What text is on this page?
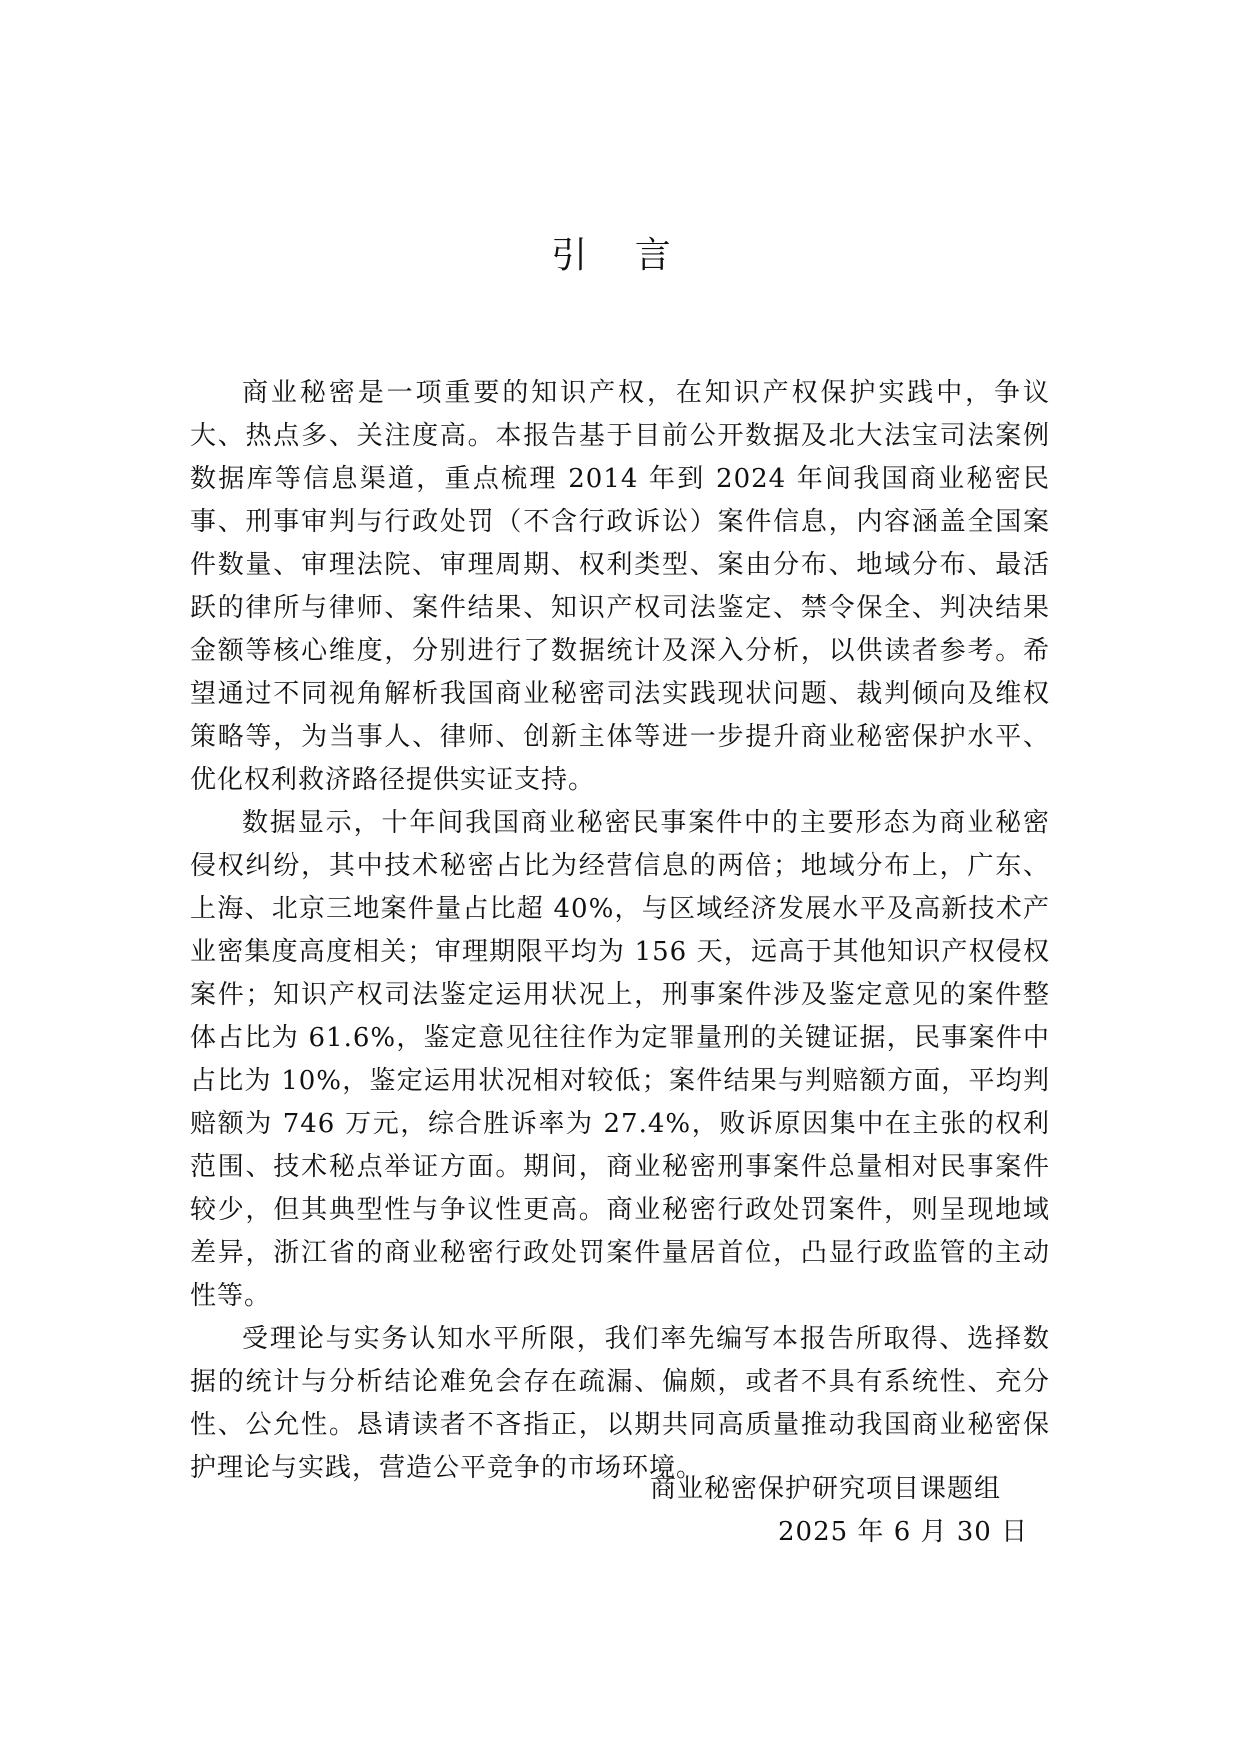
引 言

商业秘密是一项重要的知识产权，在知识产权保护实践中，争议大、热点多、关注度高。本报告基于目前公开数据及北大法宝司法案例数据库等信息渠道，重点梳理 2014 年到 2024 年间我国商业秘密民事、刑事审判与行政处罚（不含行政诉讼）案件信息，内容涵盖全国案件数量、审理法院、审理周期、权利类型、案由分布、地域分布、最活跃的律所与律师、案件结果、知识产权司法鉴定、禁令保全、判决结果金额等核心维度，分别进行了数据统计及深入分析，以供读者参考。希望通过不同视角解析我国商业秘密司法实践现状问题、裁判倾向及维权策略等，为当事人、律师、创新主体等进一步提升商业秘密保护水平、优化权利救济路径提供实证支持。

数据显示，十年间我国商业秘密民事案件中的主要形态为商业秘密侵权纠纷，其中技术秘密占比为经营信息的两倍；地域分布上，广东、上海、北京三地案件量占比超 40%，与区域经济发展水平及高新技术产业密集度高度相关；审理期限平均为 156 天，远高于其他知识产权侵权案件；知识产权司法鉴定运用状况上，刑事案件涉及鉴定意见的案件整体占比为 61.6%，鉴定意见往往作为定罪量刑的关键证据，民事案件中占比为 10%，鉴定运用状况相对较低；案件结果与判赔额方面，平均判赔额为 746 万元，综合胜诉率为 27.4%，败诉原因集中在主张的权利范围、技术秘点举证方面。期间，商业秘密刑事案件总量相对民事案件较少，但其典型性与争议性更高。商业秘密行政处罚案件，则呈现地域差异，浙江省的商业秘密行政处罚案件量居首位，凸显行政监管的主动性等。

受理论与实务认知水平所限，我们率先编写本报告所取得、选择数据的统计与分析结论难免会存在疏漏、偏颇，或者不具有系统性、充分性、公允性。恳请读者不吝指正，以期共同高质量推动我国商业秘密保护理论与实践，营造公平竞争的市场环境。

商业秘密保护研究项目课题组

2025 年 6 月 30 日
